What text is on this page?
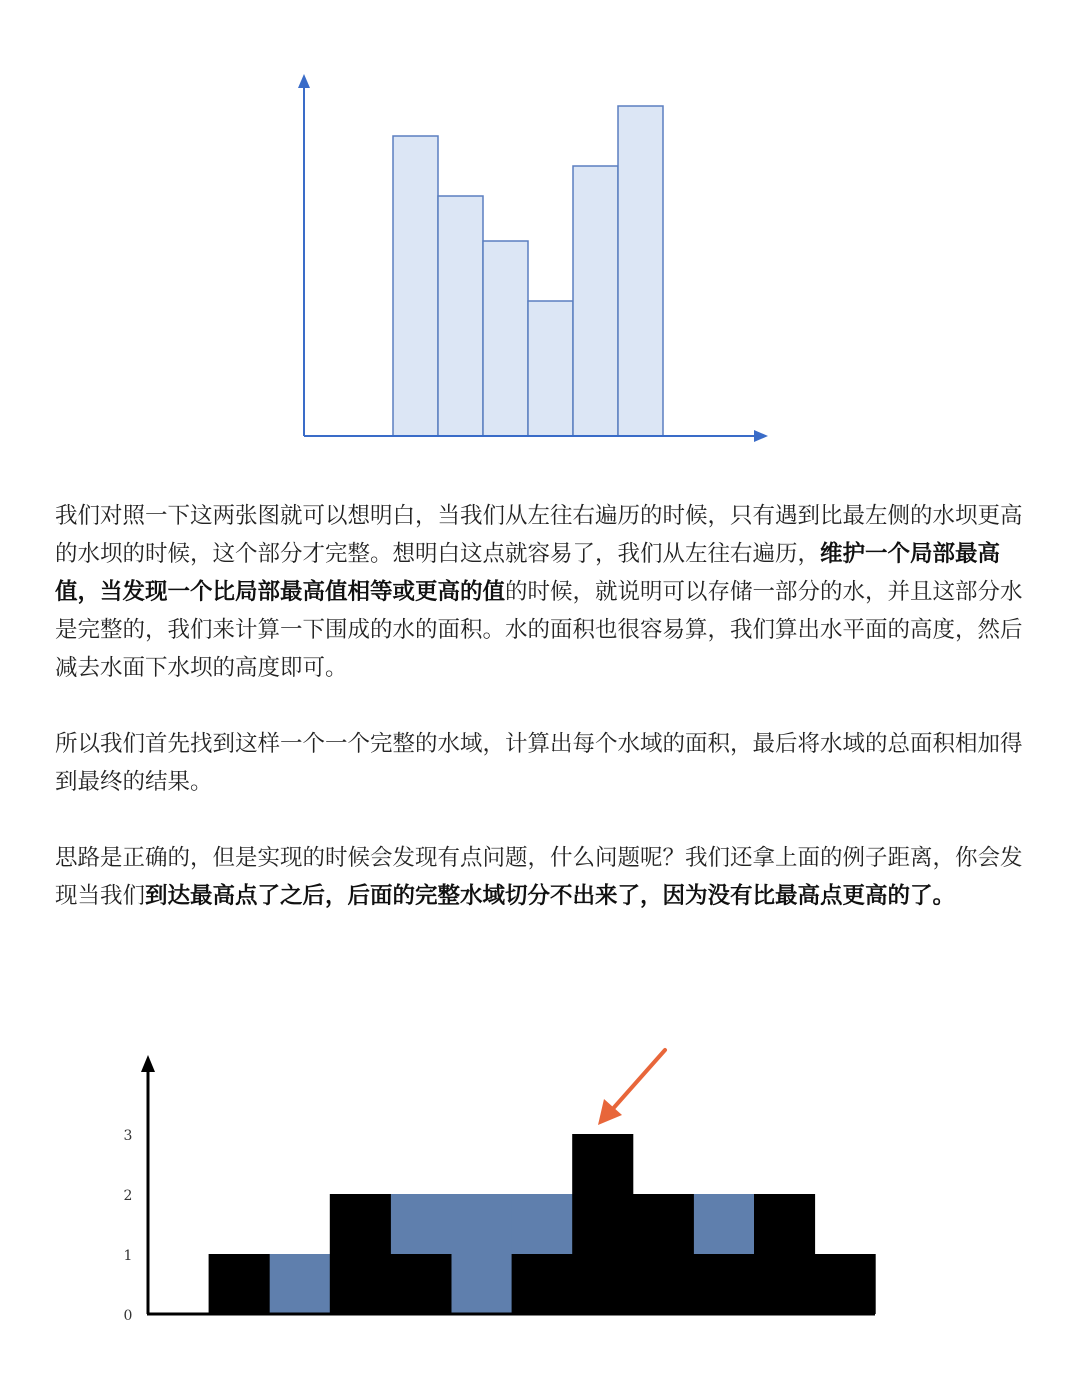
我们对照一下这两张图就可以想明白，当我们从左往右遍历的时候，只有遇到比最左侧的水坝更高的水坝的时候，这个部分才完整。想明白这点就容易了，我们从左往右遍历，维护一个局部最高值，当发现一个比局部最高值相等或更高的值的时候，就说明可以存储一部分的水，并且这部分水是完整的，我们来计算一下围成的水的面积。水的面积也很容易算，我们算出水平面的高度，然后减去水面下水坝的高度即可。

所以我们首先找到这样一个一个完整的水域，计算出每个水域的面积，最后将水域的总面积相加得到最终的结果。

思路是正确的，但是实现的时候会发现有点问题，什么问题呢？我们还拿上面的例子距离，你会发现当我们到达最高点了之后，后面的完整水域切分不出来了，因为没有比最高点更高的了。

0
1
2
3
